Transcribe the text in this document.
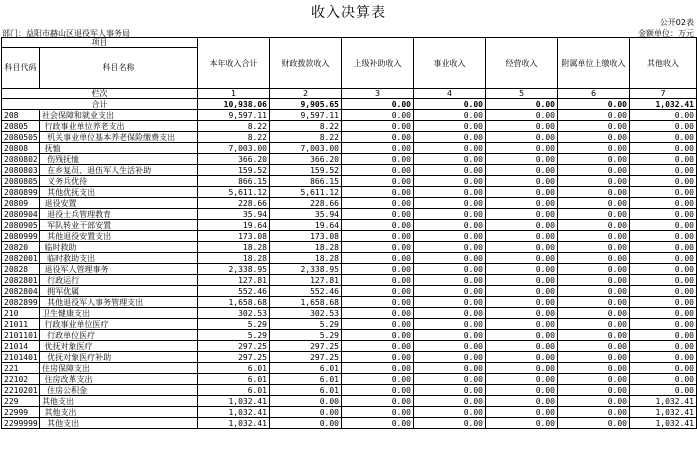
收入决算表
公开02表
部门：益阳市赫山区退役军人事务局	金额单位：万元
项目		本年收入合计	财政拨款收入	上级补助收入	事业收入	经营收入	附属单位上缴收入	其他收入
科目代码	科目名称							
栏次		1	2	3	4	5	6	7
合计		10,938.06	9,905.65	0.00	0.00	0.00	0.00	1,032.41
208	社会保障和就业支出	9,597.11	9,597.11	0.00	0.00	0.00	0.00	0.00
20805	行政事业单位养老支出	8.22	8.22	0.00	0.00	0.00	0.00	0.00
2080505	机关事业单位基本养老保险缴费支出	8.22	8.22	0.00	0.00	0.00	0.00	0.00
20808	抚恤	7,003.00	7,003.00	0.00	0.00	0.00	0.00	0.00
2080802	伤残抚恤	366.20	366.20	0.00	0.00	0.00	0.00	0.00
2080803	在乡复员、退伍军人生活补助	159.52	159.52	0.00	0.00	0.00	0.00	0.00
2080805	义务兵优待	866.15	866.15	0.00	0.00	0.00	0.00	0.00
2080899	其他优抚支出	5,611.12	5,611.12	0.00	0.00	0.00	0.00	0.00
20809	退役安置	228.66	228.66	0.00	0.00	0.00	0.00	0.00
2080904	退役士兵管理教育	35.94	35.94	0.00	0.00	0.00	0.00	0.00
2080905	军队转业干部安置	19.64	19.64	0.00	0.00	0.00	0.00	0.00
2080999	其他退役安置支出	173.08	173.08	0.00	0.00	0.00	0.00	0.00
20820	临时救助	18.28	18.28	0.00	0.00	0.00	0.00	0.00
2082001	临时救助支出	18.28	18.28	0.00	0.00	0.00	0.00	0.00
20828	退役军人管理事务	2,338.95	2,338.95	0.00	0.00	0.00	0.00	0.00
2082801	行政运行	127.81	127.81	0.00	0.00	0.00	0.00	0.00
2082804	拥军优属	552.46	552.46	0.00	0.00	0.00	0.00	0.00
2082899	其他退役军人事务管理支出	1,658.68	1,658.68	0.00	0.00	0.00	0.00	0.00
210	卫生健康支出	302.53	302.53	0.00	0.00	0.00	0.00	0.00
21011	行政事业单位医疗	5.29	5.29	0.00	0.00	0.00	0.00	0.00
2101101	行政单位医疗	5.29	5.29	0.00	0.00	0.00	0.00	0.00
21014	优抚对象医疗	297.25	297.25	0.00	0.00	0.00	0.00	0.00
2101401	优抚对象医疗补助	297.25	297.25	0.00	0.00	0.00	0.00	0.00
221	住房保障支出	6.01	6.01	0.00	0.00	0.00	0.00	0.00
22102	住房改革支出	6.01	6.01	0.00	0.00	0.00	0.00	0.00
2210201	住房公积金	6.01	6.01	0.00	0.00	0.00	0.00	0.00
229	其他支出	1,032.41	0.00	0.00	0.00	0.00	0.00	1,032.41
22999	其他支出	1,032.41	0.00	0.00	0.00	0.00	0.00	1,032.41
2299999	其他支出	1,032.41	0.00	0.00	0.00	0.00	0.00	1,032.41
